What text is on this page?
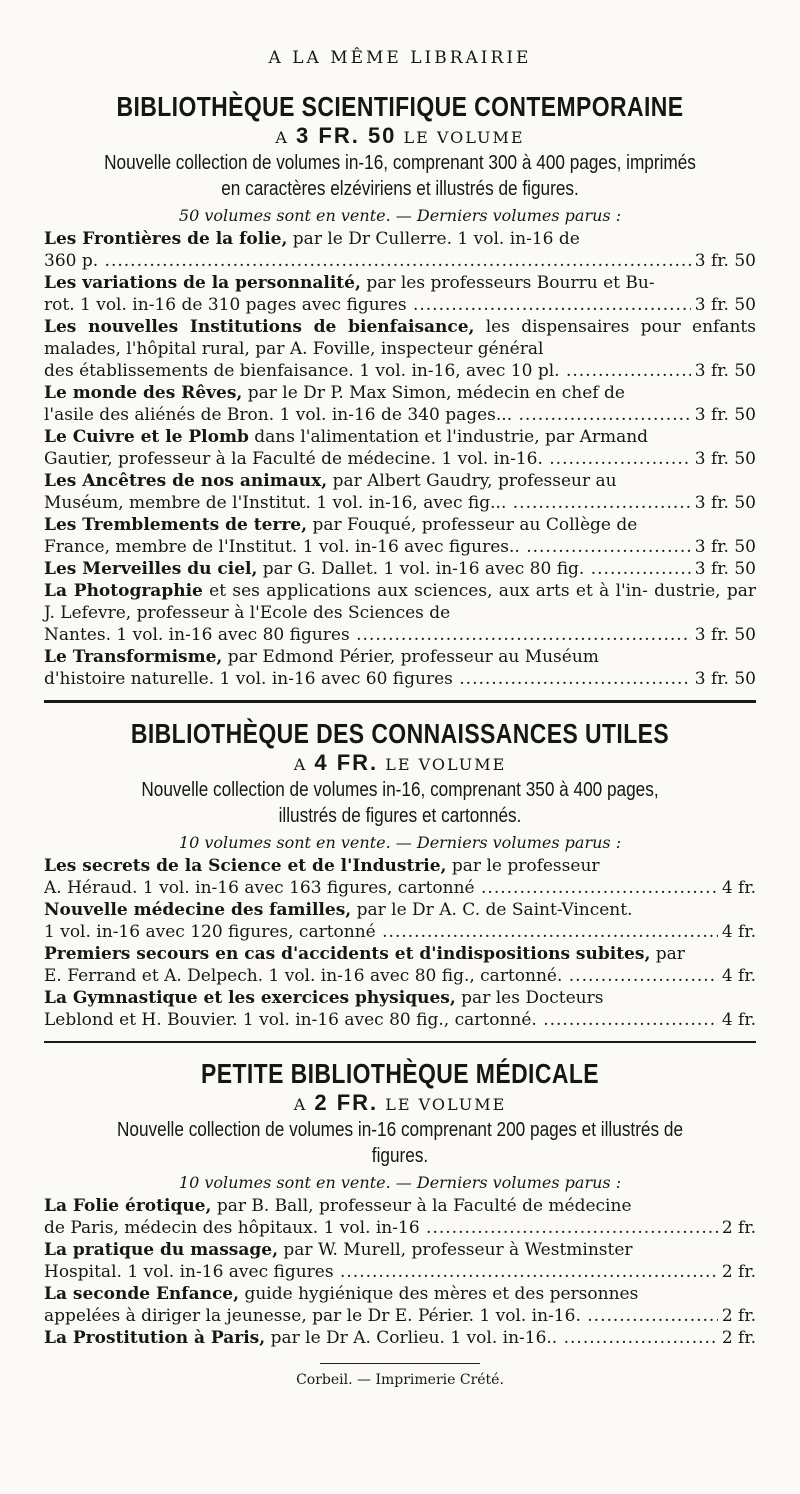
A LA MÊME LIBRAIRIE
BIBLIOTHÈQUE SCIENTIFIQUE CONTEMPORAINE
A 3 FR. 50 LE VOLUME
Nouvelle collection de volumes in-16, comprenant 300 à 400 pages, imprimés
en caractères elzéviriens et illustrés de figures.
50 volumes sont en vente. — Derniers volumes parus :
Les Frontières de la folie, par le Dr Cullerre. 1 vol. in-16 de
360 p. .....	3 fr. 50
Les variations de la personnalité, par les professeurs Bourru et Bu-
rot. 1 vol. in-16 de 310 pages avec figures .....	3 fr. 50
Les nouvelles Institutions de bienfaisance, les dispensaires pour enfants malades, l'hôpital rural, par A. Foville, inspecteur général
des établissements de bienfaisance. 1 vol. in-16, avec 10 pl. .....	3 fr. 50
Le monde des Rêves, par le Dr P. Max Simon, médecin en chef de
l'asile des aliénés de Bron. 1 vol. in-16 de 340 pages... .....	3 fr. 50
Le Cuivre et le Plomb dans l'alimentation et l'industrie, par Armand
Gautier, professeur à la Faculté de médecine. 1 vol. in-16. .....	3 fr. 50
Les Ancêtres de nos animaux, par Albert Gaudry, professeur au
Muséum, membre de l'Institut. 1 vol. in-16, avec fig... .....	3 fr. 50
Les Tremblements de terre, par Fouqué, professeur au Collège de
France, membre de l'Institut. 1 vol. in-16 avec figures.. .....	3 fr. 50
Les Merveilles du ciel, par G. Dallet. 1 vol. in-16 avec 80 fig. .....	3 fr. 50
La Photographie et ses applications aux sciences, aux arts et à l'in- dustrie, par J. Lefevre, professeur à l'Ecole des Sciences de
Nantes. 1 vol. in-16 avec 80 figures .....	3 fr. 50
Le Transformisme, par Edmond Périer, professeur au Muséum
d'histoire naturelle. 1 vol. in-16 avec 60 figures .....	3 fr. 50
BIBLIOTHÈQUE DES CONNAISSANCES UTILES
A 4 FR. LE VOLUME
Nouvelle collection de volumes in-16, comprenant 350 à 400 pages,
illustrés de figures et cartonnés.
10 volumes sont en vente. — Derniers volumes parus :
Les secrets de la Science et de l'Industrie, par le professeur
A. Héraud. 1 vol. in-16 avec 163 figures, cartonné .....	4 fr.
Nouvelle médecine des familles, par le Dr A. C. de Saint-Vincent.
1 vol. in-16 avec 120 figures, cartonné .....	4 fr.
Premiers secours en cas d'accidents et d'indispositions subites, par
E. Ferrand et A. Delpech. 1 vol. in-16 avec 80 fig., cartonné. .....	4 fr.
La Gymnastique et les exercices physiques, par les Docteurs
Leblond et H. Bouvier. 1 vol. in-16 avec 80 fig., cartonné. .....	4 fr.
PETITE BIBLIOTHÈQUE MÉDICALE
A 2 FR. LE VOLUME
Nouvelle collection de volumes in-16 comprenant 200 pages et illustrés de figures.
10 volumes sont en vente. — Derniers volumes parus :
La Folie érotique, par B. Ball, professeur à la Faculté de médecine
de Paris, médecin des hôpitaux. 1 vol. in-16 .....	2 fr.
La pratique du massage, par W. Murell, professeur à Westminster
Hospital. 1 vol. in-16 avec figures .....	2 fr.
La seconde Enfance, guide hygiénique des mères et des personnes
appelées à diriger la jeunesse, par le Dr E. Périer. 1 vol. in-16. .....	2 fr.
La Prostitution à Paris, par le Dr A. Corlieu. 1 vol. in-16.. .....	2 fr.
Corbeil. — Imprimerie Crété.
